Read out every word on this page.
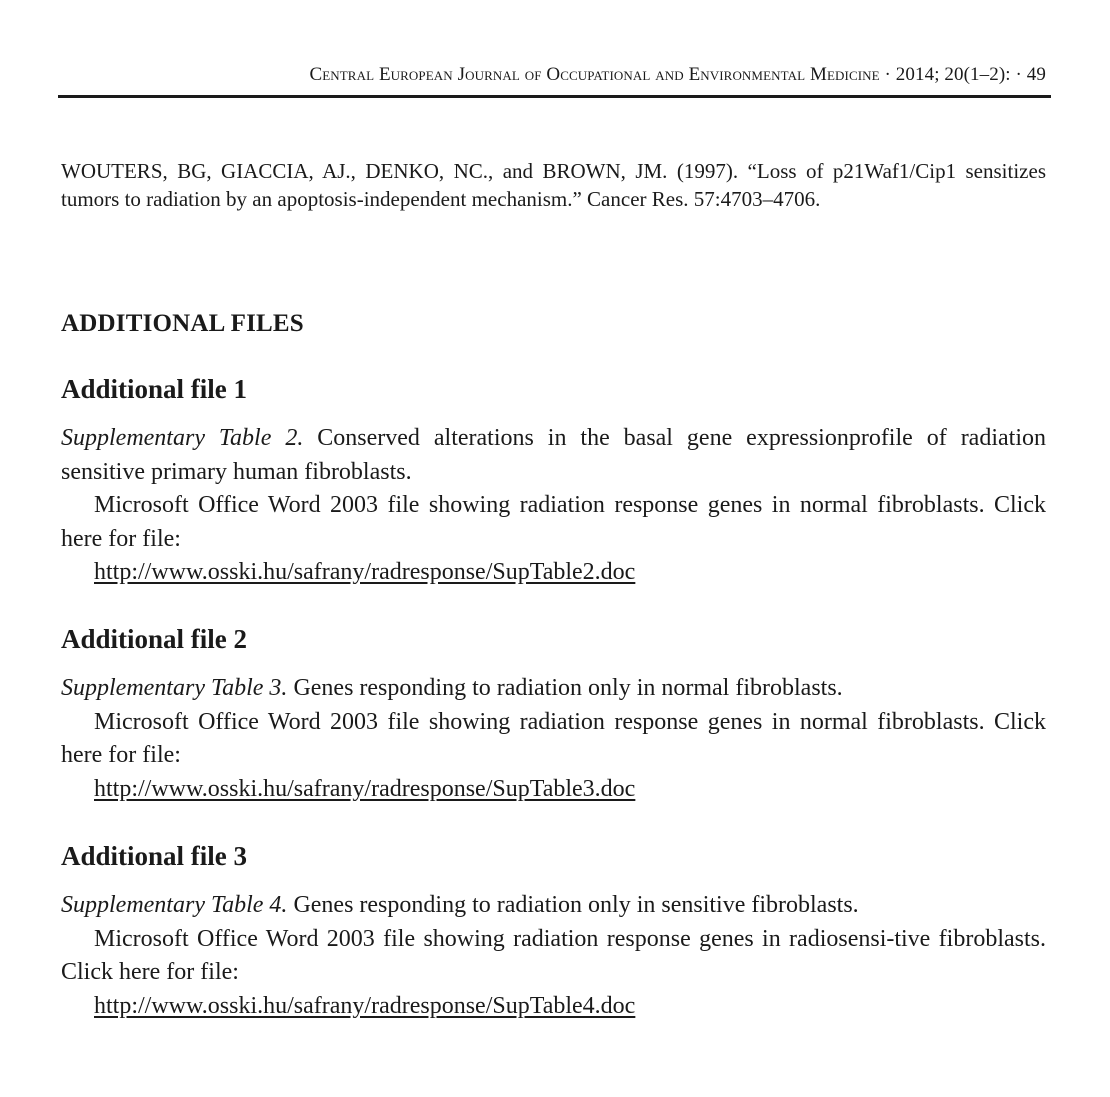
Central European Journal of Occupational and Environmental Medicine · 2014; 20(1–2): · 49
WOUTERS, BG, GIACCIA, AJ., DENKO, NC., and BROWN, JM. (1997). “Loss of p21Waf1/Cip1 sensitizes tumors to radiation by an apoptosis-independent mechanism.” Cancer Res. 57:4703–4706.
ADDITIONAL FILES
Additional file 1

Supplementary Table 2. Conserved alterations in the basal gene expressionprofile of radiation sensitive primary human fibroblasts.

Microsoft Office Word 2003 file showing radiation response genes in normal fibroblasts. Click here for file:

http://www.osski.hu/safrany/radresponse/SupTable2.doc

Additional file 2

Supplementary Table 3. Genes responding to radiation only in normal fibroblasts.

Microsoft Office Word 2003 file showing radiation response genes in normal fibroblasts. Click here for file:

http://www.osski.hu/safrany/radresponse/SupTable3.doc

Additional file 3

Supplementary Table 4. Genes responding to radiation only in sensitive fibroblasts.

Microsoft Office Word 2003 file showing radiation response genes in radiosensi-tive fibroblasts. Click here for file:

http://www.osski.hu/safrany/radresponse/SupTable4.doc
